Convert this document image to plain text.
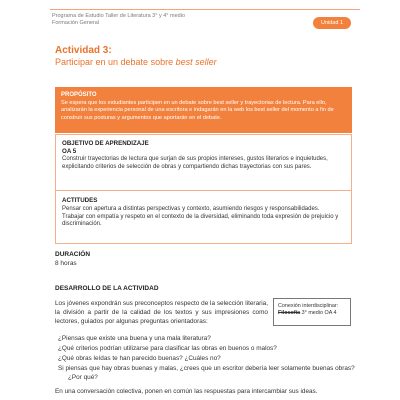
Programa de Estudio Taller de Literatura 3° y 4° medio
Formación General	Unidad 1
Actividad 3:
Participar en un debate sobre best seller
PROPÓSITO

Se espera que los estudiantes participen en un debate sobre best seller y trayectorias de lectura. Para ello, analizarán la experiencia personal de una escritora e indagarán en la web los best seller del momento a fin de construir sus posturas y argumentos que aportarán en el debate.

OBJETIVO DE APRENDIZAJE
OA 5

Construir trayectorias de lectura que surjan de sus propios intereses, gustos literarios e inquietudes, explicitando criterios de selección de obras y compartiendo dichas trayectorias con sus pares.

ACTITUDES

Pensar con apertura a distintas perspectivas y contexto, asumiendo riesgos y responsabilidades.

Trabajar con empatía y respeto en el contexto de la diversidad, eliminando toda expresión de prejuicio y discriminación.

DURACIÓN
8 horas
DESARROLLO DE LA ACTIVIDAD
Los jóvenes expondrán sus preconceptos respecto de la selección literaria, la división a partir de la calidad de los textos y sus impresiones como lectores, guiados por algunas preguntas orientadoras:
Conexión interdisciplinar:
Filosofía 3° medio OA 4
¿Piensas que existe una buena y una mala literatura?
¿Qué criterios podrían utilizarse para clasificar las obras en buenos o malos?
¿Qué obras leídas te han parecido buenas? ¿Cuáles no?
Si piensas que hay obras buenas y malas, ¿crees que un escritor debería leer solamente buenas obras?
¿Por qué?
En una conversación colectiva, ponen en común las respuestas para intercambiar sus ideas.
